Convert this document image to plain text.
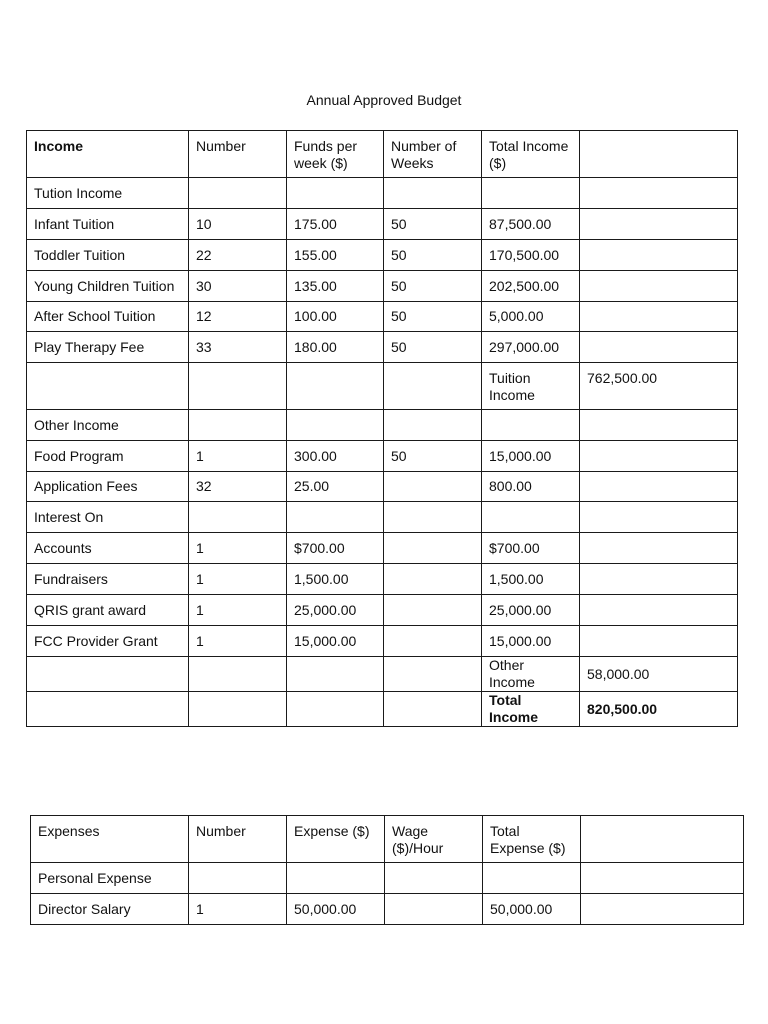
Annual Approved Budget
Income	Number	Funds per week ($)	Number of Weeks	Total Income ($)	
Tution Income					
Infant Tuition	10	175.00	50	87,500.00	
Toddler Tuition	22	155.00	50	170,500.00	
Young Children Tuition	30	135.00	50	202,500.00	
After School Tuition	12	100.00	50	5,000.00	
Play Therapy Fee	33	180.00	50	297,000.00	
				Tuition Income	762,500.00
Other Income					
Food Program	1	300.00	50	15,000.00	
Application Fees	32	25.00		800.00	
Interest On					
Accounts	1	$700.00		$700.00	
Fundraisers	1	1,500.00		1,500.00	
QRIS grant award	1	25,000.00		25,000.00	
FCC Provider Grant	1	15,000.00		15,000.00	
				Other Income	58,000.00
				Total Income	820,500.00
Expenses	Number	Expense ($)	Wage ($)/Hour	Total Expense ($)	
Personal Expense					
Director Salary	1	50,000.00		50,000.00	
